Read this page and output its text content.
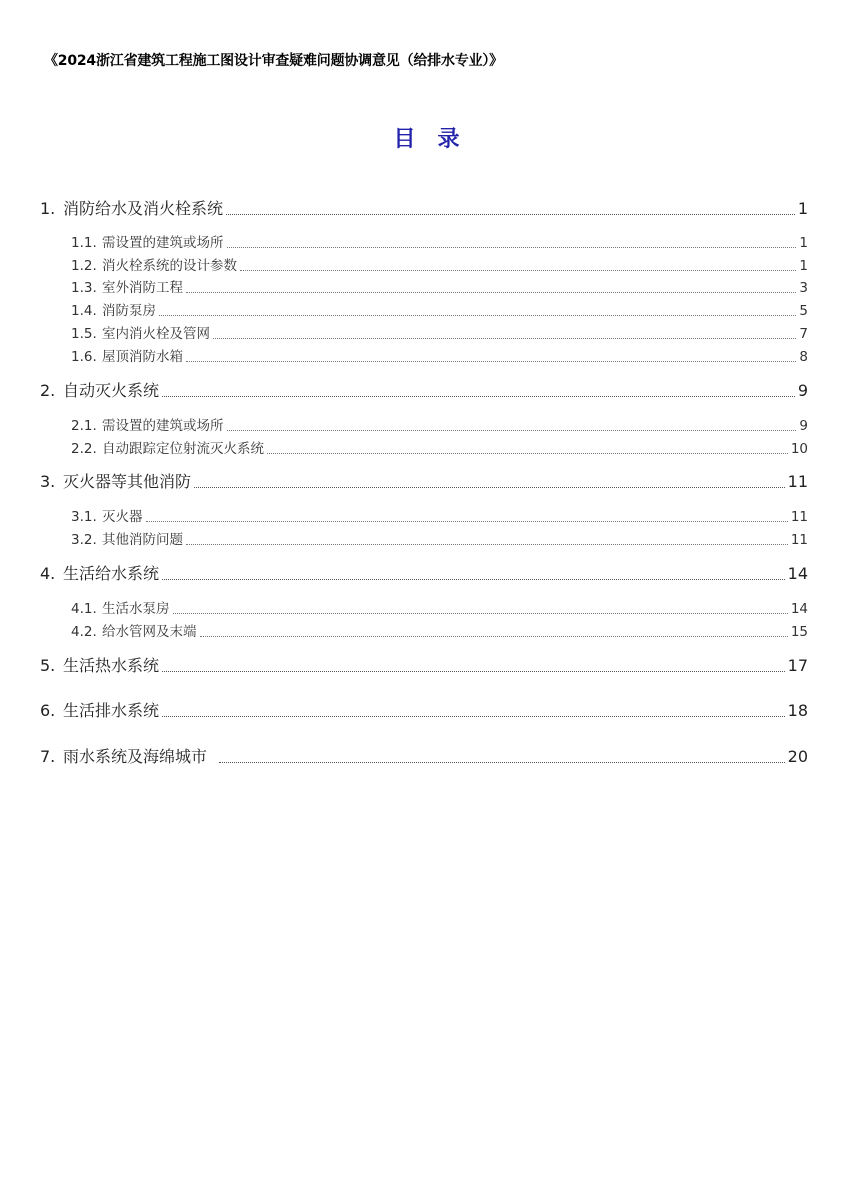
《2024浙江省建筑工程施工图设计审查疑难问题协调意见（给排水专业）》
目录
1. 消防给水及消火栓系统	1
1.1. 需设置的建筑或场所	1
1.2. 消火栓系统的设计参数	1
1.3. 室外消防工程	3
1.4. 消防泵房	5
1.5. 室内消火栓及管网	7
1.6. 屋顶消防水箱	8
2. 自动灭火系统	9
2.1. 需设置的建筑或场所	9
2.2. 自动跟踪定位射流灭火系统	10
3. 灭火器等其他消防	11
3.1. 灭火器	11
3.2. 其他消防问题	11
4. 生活给水系统	14
4.1. 生活水泵房	14
4.2. 给水管网及末端	15
5. 生活热水系统	17
6. 生活排水系统	18
7. 雨水系统及海绵城市	20
